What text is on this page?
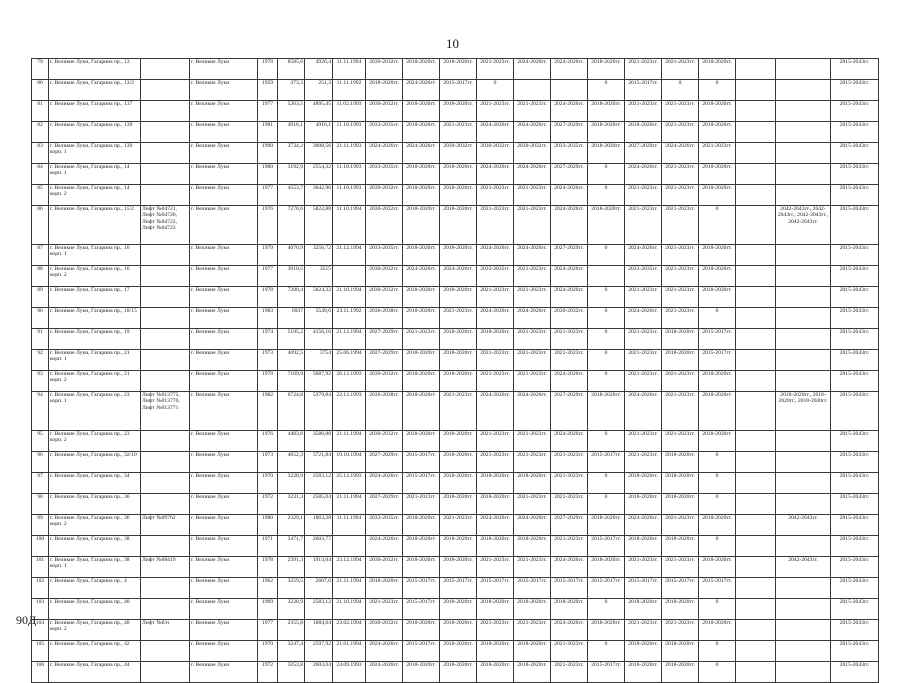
10
79	г. Великие Луки, Гагарина пр., 13		г. Великие Луки	1978	8585,6	4926,4	11.11.1994	2030-2032гг.	2018-2020гг.	2018-2020гг.	2021-2023гг.	2024-2026гг.	2024-2026гг.	2018-2020гг.	2021-2023гг.	2021-2023гг.	2018-2020гг.			2015-2043гг.
80	г. Великие Луки, Гагарина пр., 13/2		г. Великие Луки	1959	373,3	251,3	11.11.1992	2018-2020гг.	2024-2026гг.	2015-2017гг.	0			0	2015-2017гг.	0	0			2015-2043гг.
81	г. Великие Луки, Гагарина пр., 137		г. Великие Луки	1977	5263,5	4895,45	11.02.1993	2030-2032гг.	2018-2020гг.	2018-2020гг.	2021-2023гг.	2021-2023гг.	2024-2026гг.	2018-2020гг.	2021-2023гг.	2021-2023гг.	2018-2020гг.			2015-2043гг.
82	г. Великие Луки, Гагарина пр., 139		г. Великие Луки	1981	4916,1	4916,1	11.10.1993	2033-2035гг.	2018-2020гг.	2021-2023гг.	2024-2026гг.	2024-2026гг.	2027-2029гг.	2018-2020гг.	2018-2020гг.	2021-2023гг.	2018-2020гг.			2015-2043гг.
83	г. Великие Луки, Гагарина пр., 139 корп. 1		г. Великие Луки	1990	3734,2	3008,56	21.11.1993	2024-2026гг.	2024-2026гг.	2030-2032гг.	2030-2032гг.	2030-2032гг.	2033-2035гг.	2018-2020гг.	2027-2029гг.	2024-2026гг.	2021-2023гг.			2015-2043гг.
84	г. Великие Луки, Гагарина пр., 14 корп. 1		г. Великие Луки	1980	3192,9	2554,32	11.10.1993	2033-2035гг.	2018-2020гг.	2018-2020гг.	2024-2026гг.	2024-2026гг.	2027-2029гг.	0	2024-2026гг.	2021-2023гг.	2018-2020гг.			2015-2043гг.
85	г. Великие Луки, Гагарина пр., 14 корп. 2		г. Великие Луки	1977	4553,7	3642,96	11.10.1993	2030-2032гг.	2018-2020гг.	2018-2020гг.	2021-2023гг.	2021-2023гг.	2024-2026гг.	0	2021-2023гг.	2021-2023гг.	2018-2020гг.			2015-2043гг.
86	г. Великие Луки, Гагарина пр., 15/2	Лифт №04721, Лифт №04720, Лифт №04722, Лифт №04723	г. Великие Луки	1976	7278,6	5822,88	11.10.1994	2030-2032гг.	2018-2020гг.	2018-2020гг.	2021-2023гг.	2021-2023гг.	2024-2026гг.	2018-2020гг.	2021-2023гг.	2021-2023гг.	0		2042-2043гг., 2042-2043гг., 2042-2043гг., 2042-2043гг.	2015-2043гг.
87	г. Великие Луки, Гагарина пр., 16 корп. 1		г. Великие Луки	1979	4070,9	3256,72	21.12.1994	2033-2035гг.	2018-2020гг.	2018-2020гг.	2024-2026гг.	2024-2026гг.	2027-2029гг.	0	2024-2026гг.	2021-2023гг.	2018-2020гг.			2015-2043гг.
88	г. Великие Луки, Гагарина пр., 16 корп. 2		г. Великие Луки	1977	3910,5	3515		2030-2032гг.	2024-2026гг.	2024-2026гг.	2033-2035гг.	2021-2023гг.	2024-2026гг.		2033-2035гг.	2021-2023гг.	2018-2020гг.			2015-2043гг.
89	г. Великие Луки, Гагарина пр., 17		г. Великие Луки	1978	7280,4	5824,32	21.10.1994	2030-2032гг.	2018-2020гг.	2018-2020гг.	2021-2023гг.	2021-2023гг.	2024-2026гг.	0	2021-2023гг.	2021-2023гг.	2018-2020гг.			2015-2043гг.
90	г. Великие Луки, Гагарина пр., 18/15		г. Великие Луки	1983	6937	5549,6	23.11.1992	2036-2038гг.	2018-2020гг.	2021-2023гг.	2024-2026гг.	2024-2026гг.	2030-2032гг.	0	2024-2026гг.	2021-2023гг.	0			2015-2043гг.
91	г. Великие Луки, Гагарина пр., 19		г. Великие Луки	1974	5195,2	4156,16	21.12.1994	2027-2029гг.	2021-2023гг.	2018-2020гг.	2018-2020гг.	2021-2023гг.	2021-2023гг.	0	2021-2023гг.	2018-2020гг.	2015-2017гг.			2015-2043гг.
92	г. Великие Луки, Гагарина пр., 21 корп. 1		г. Великие Луки	1973	4692,5	3754	25.06.1994	2027-2029гг.	2018-2020гг.	2018-2020гг.	2021-2023гг.	2021-2023гг.	2021-2023гг.	0	2021-2023гг.	2018-2020гг.	2015-2017гг.			2015-2043гг.
93	г. Великие Луки, Гагарина пр., 21 корп. 2		г. Великие Луки	1978	7109,9	5687,92	26.12.1993	2030-2032гг.	2018-2020гг.	2018-2020гг.	2021-2023гг.	2021-2023гг.	2024-2026гг.	0	2021-2023гг.	2021-2023гг.	2018-2020гг.			2015-2043гг.
94	г. Великие Луки, Гагарина пр., 23 корп. 1	Лифт №013772, Лифт №013770, Лифт №013771	г. Великие Луки	1982	6724,8	5379,84	22.12.1993	2036-2038гг.	2018-2020гг.	2021-2023гг.	2024-2026гг.	2024-2026гг.	2027-2029гг.	2018-2020гг.	2024-2026гг.	2021-2023гг.	2018-2020гг.		2018-2020гг., 2018-2020гг., 2018-2020гг.	2015-2043гг.
95	г. Великие Луки, Гагарина пр., 23 корп. 2		г. Великие Луки	1976	4483,6	3586,88	21.11.1994	2030-2032гг.	2018-2020гг.	2018-2020гг.	2021-2023гг.	2021-2023гг.	2024-2026гг.	0	2021-2023гг.	2021-2023гг.	2018-2020гг.			2015-2043гг.
96	г. Великие Луки, Гагарина пр., 32/10		г. Великие Луки	1973	4652,3	3721,84	10.10.1994	2027-2029гг.	2015-2017гг.	2018-2020гг.	2021-2023гг.	2021-2023гг.	2021-2023гг.	2015-2017гг.	2021-2023гг.	2018-2020гг.	0			2015-2043гг.
97	г. Великие Луки, Гагарина пр., 34		г. Великие Луки	1970	3228,9	2583,12	25.12.1993	2024-2026гг.	2015-2017гг.	2018-2020гг.	2018-2020гг.	2018-2020гг.	2021-2023гг.	0	2018-2020гг.	2018-2020гг.	0			2015-2043гг.
98	г. Великие Луки, Гагарина пр., 36		г. Великие Луки	1972	3231,3	2585,04	21.11.1994	2027-2029гг.	2021-2023гг.	2018-2020гг.	2018-2020гг.	2021-2023гг.	2021-2023гг.	0	2018-2020гг.	2018-2020гг.	0			2015-2043гг.
99	г. Великие Луки, Гагарина пр., 36 корп. 2	Лифт №09762	г. Великие Луки	1980	2329,1	1863,28	11.11.1994	2033-2035гг.	2018-2020гг.	2021-2023гг.	2024-2026гг.	2024-2026гг.	2027-2029гг.	2018-2020гг.	2024-2026гг.	2021-2023гг.	2018-2020гг.		2042-2043гг.	2015-2043гг.
100	г. Великие Луки, Гагарина пр., 38		г. Великие Луки	1971	3471,7	2603,77		2024-2026гг.	2018-2020гг.	2018-2020гг.	2018-2020гг.	2018-2020гг.	2021-2023гг.	2015-2017гг.	2018-2020гг.	2018-2020гг.	0			2015-2043гг.
101	г. Великие Луки, Гагарина пр., 38 корп. 1	Лифт №08419	г. Великие Луки	1978	2391,3	1913,04	23.12.1994	2030-2032гг.	2018-2020гг.	2018-2020гг.	2021-2023гг.	2021-2023гг.	2024-2026гг.	2018-2020гг.	2021-2023гг.	2021-2023гг.	2018-2020гг.		2042-2043гг.	2015-2043гг.
102	г. Великие Луки, Гагарина пр., 4		г. Великие Луки	1962	3259,5	2607,6	21.11.1994	2018-2020гг.	2015-2017гг.	2015-2017гг.	2015-2017гг.	2015-2017гг.	2015-2017гг.	2015-2017гг.	2015-2017гг.	2015-2017гг.	2015-2017гг.			2015-2043гг.
103	г. Великие Луки, Гагарина пр., 40		г. Великие Луки	1969	3228,9	2583,12	21.10.1994	2021-2023гг.	2015-2017гг.	2018-2020гг.	2018-2020гг.	2018-2020гг.	2018-2020гг.	0	2018-2020гг.	2018-2020гг.	0			2015-2043гг.
104	г. Великие Луки, Гагарина пр., 40 корп. 2	Лифт №б/н	г. Великие Луки	1977	2355,8	1884,64	23.02.1994	2030-2032гг.	2018-2020гг.	2018-2020гг.	2021-2023гг.	2021-2023гг.	2024-2026гг.	2018-2020гг.	2021-2023гг.	2021-2023гг.	2018-2020гг.			2015-2043гг.
105	г. Великие Луки, Гагарина пр., 42		г. Великие Луки	1970	3247,4	2597,92	21.01.1994	2024-2026гг.	2015-2017гг.	2018-2020гг.	2018-2020гг.	2018-2020гг.	2021-2023гг.	0	2018-2020гг.	2018-2020гг.	0			2015-2043гг.
106	г. Великие Луки, Гагарина пр., 44		г. Великие Луки	1972	3253,8	2603,04	24.09.1993	2024-2026гг.	2018-2020гг.	2018-2020гг.	2018-2020гг.	2018-2020гг.	2021-2023гг.	2015-2017гг.	2018-2020гг.	2018-2020гг.	0			2015-2043гг.
90Д
